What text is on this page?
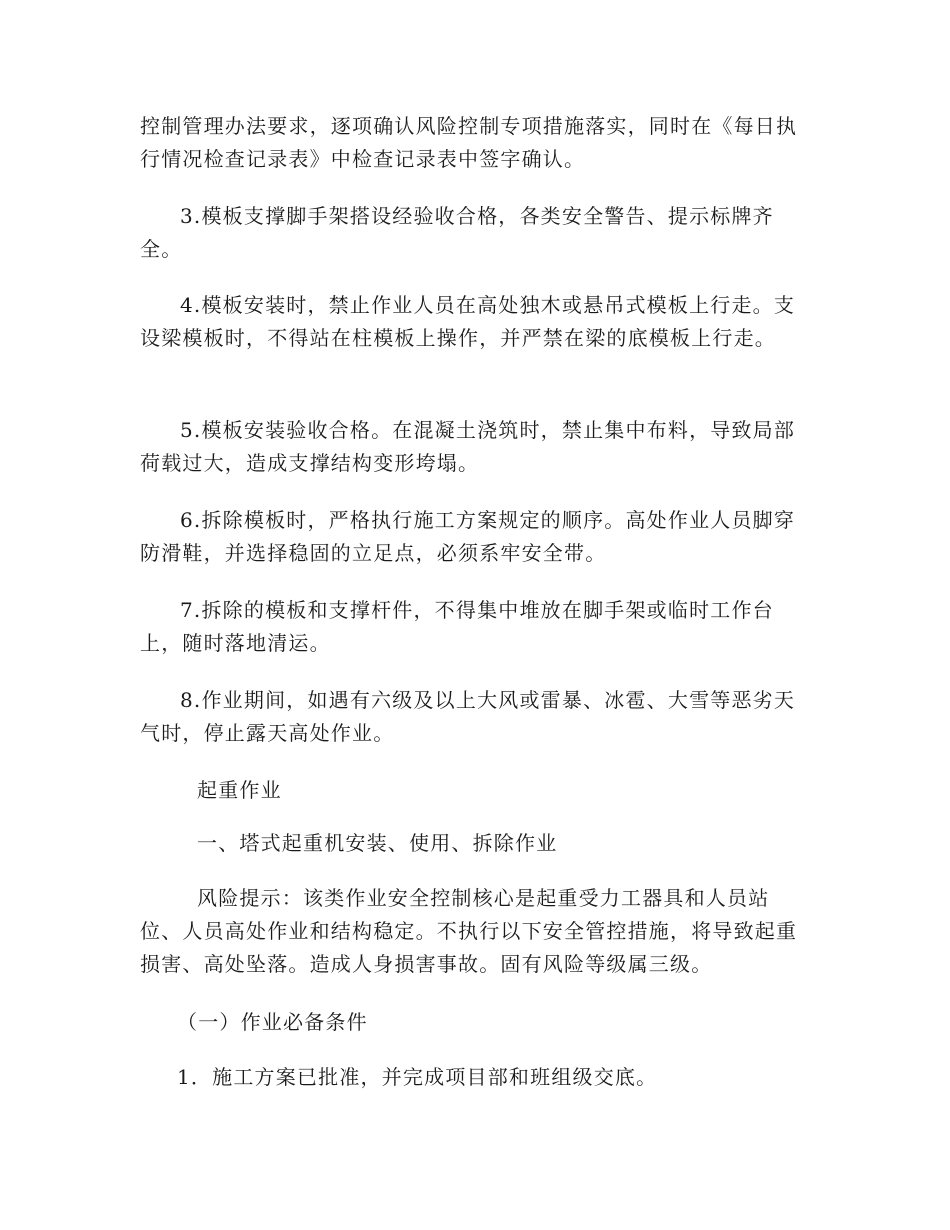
控制管理办法要求，逐项确认风险控制专项措施落实，同时在《每日执行情况检查记录表》中检查记录表中签字确认。
3.模板支撑脚手架搭设经验收合格，各类安全警告、提示标牌齐全。
4.模板安装时，禁止作业人员在高处独木或悬吊式模板上行走。支设梁模板时，不得站在柱模板上操作，并严禁在梁的底模板上行走。
5.模板安装验收合格。在混凝土浇筑时，禁止集中布料，导致局部荷载过大，造成支撑结构变形垮塌。
6.拆除模板时，严格执行施工方案规定的顺序。高处作业人员脚穿防滑鞋，并选择稳固的立足点，必须系牢安全带。
7.拆除的模板和支撑杆件，不得集中堆放在脚手架或临时工作台上，随时落地清运。
8.作业期间，如遇有六级及以上大风或雷暴、冰雹、大雪等恶劣天气时，停止露天高处作业。
起重作业
一、塔式起重机安装、使用、拆除作业
风险提示：该类作业安全控制核心是起重受力工器具和人员站位、人员高处作业和结构稳定。不执行以下安全管控措施，将导致起重损害、高处坠落。造成人身损害事故。固有风险等级属三级。
（一）作业必备条件
1．施工方案已批准，并完成项目部和班组级交底。
